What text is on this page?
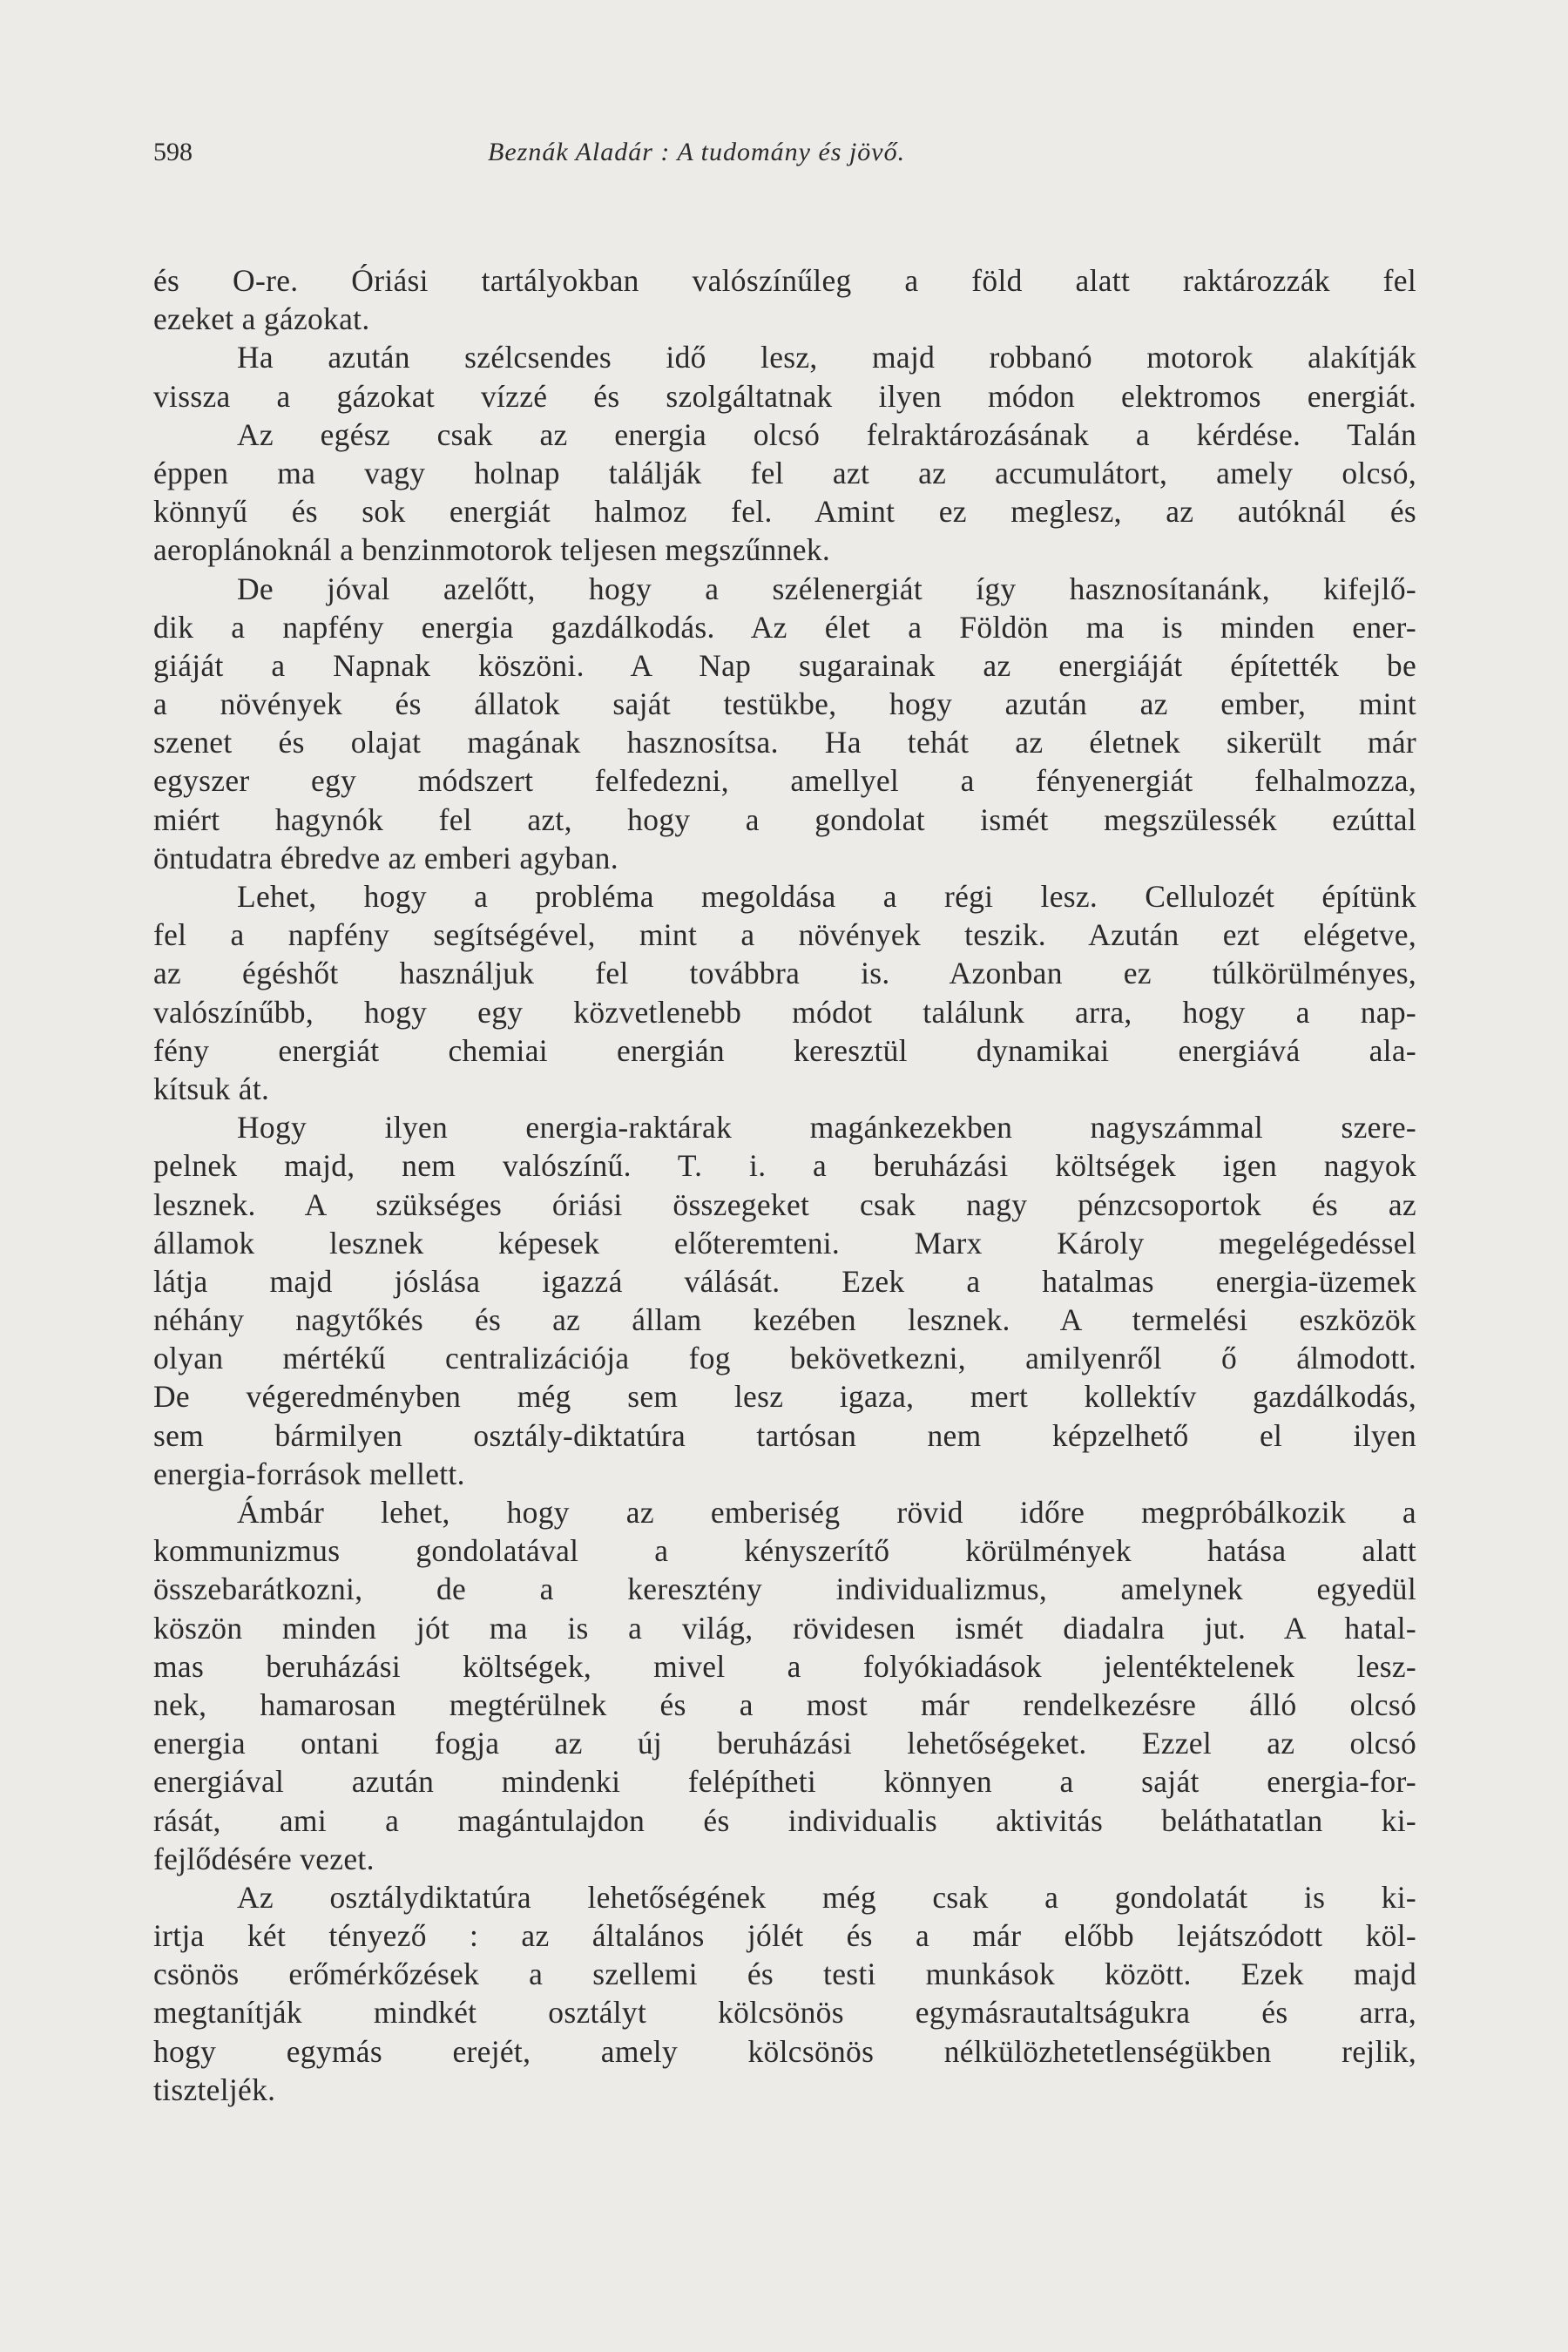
598	Beznák Aladár : A tudomány és jövő.
és O-re. Óriási tartályokban valószínűleg a föld alatt raktározzák fel
ezeket a gázokat.
Ha azután szélcsendes idő lesz, majd robbanó motorok alakítják
vissza a gázokat vízzé és szolgáltatnak ilyen módon elektromos energiát.
Az egész csak az energia olcsó felraktározásának a kérdése. Talán
éppen ma vagy holnap találják fel azt az accumulátort, amely olcsó,
könnyű és sok energiát halmoz fel. Amint ez meglesz, az autóknál és
aeroplánoknál a benzinmotorok teljesen megszűnnek.
De jóval azelőtt, hogy a szélenergiát így hasznosítanánk, kifejlő-
dik a napfény energia gazdálkodás. Az élet a Földön ma is minden ener-
giáját a Napnak köszöni. A Nap sugarainak az energiáját építették be
a növények és állatok saját testükbe, hogy azután az ember, mint
szenet és olajat magának hasznosítsa. Ha tehát az életnek sikerült már
egyszer egy módszert felfedezni, amellyel a fényenergiát felhalmozza,
miért hagynók fel azt, hogy a gondolat ismét megszülessék ezúttal
öntudatra ébredve az emberi agyban.
Lehet, hogy a probléma megoldása a régi lesz. Cellulozét építünk
fel a napfény segítségével, mint a növények teszik. Azután ezt elégetve,
az égéshőt használjuk fel továbbra is. Azonban ez túlkörülményes,
valószínűbb, hogy egy közvetlenebb módot találunk arra, hogy a nap-
fény energiát chemiai energián keresztül dynamikai energiává ala-
kítsuk át.
Hogy ilyen energia-raktárak magánkezekben nagyszámmal szere-
pelnek majd, nem valószínű. T. i. a beruházási költségek igen nagyok
lesznek. A szükséges óriási összegeket csak nagy pénzcsoportok és az
államok lesznek képesek előteremteni. Marx Károly megelégedéssel
látja majd jóslása igazzá válását. Ezek a hatalmas energia-üzemek
néhány nagytőkés és az állam kezében lesznek. A termelési eszközök
olyan mértékű centralizációja fog bekövetkezni, amilyenről ő álmodott.
De végeredményben még sem lesz igaza, mert kollektív gazdálkodás,
sem bármilyen osztály-diktatúra tartósan nem képzelhető el ilyen
energia-források mellett.
Ámbár lehet, hogy az emberiség rövid időre megpróbálkozik a
kommunizmus gondolatával a kényszerítő körülmények hatása alatt
összebarátkozni, de a keresztény individualizmus, amelynek egyedül
köszön minden jót ma is a világ, rövidesen ismét diadalra jut. A hatal-
mas beruházási költségek, mivel a folyókiadások jelentéktelenek lesz-
nek, hamarosan megtérülnek és a most már rendelkezésre álló olcsó
energia ontani fogja az új beruházási lehetőségeket. Ezzel az olcsó
energiával azután mindenki felépítheti könnyen a saját energia-for-
rását, ami a magántulajdon és individualis aktivitás beláthatatlan ki-
fejlődésére vezet.
Az osztálydiktatúra lehetőségének még csak a gondolatát is ki-
irtja két tényező : az általános jólét és a már előbb lejátszódott köl-
csönös erőmérkőzések a szellemi és testi munkások között. Ezek majd
megtanítják mindkét osztályt kölcsönös egymásrautaltságukra és arra,
hogy egymás erejét, amely kölcsönös nélkülözhetetlenségükben rejlik,
tiszteljék.
